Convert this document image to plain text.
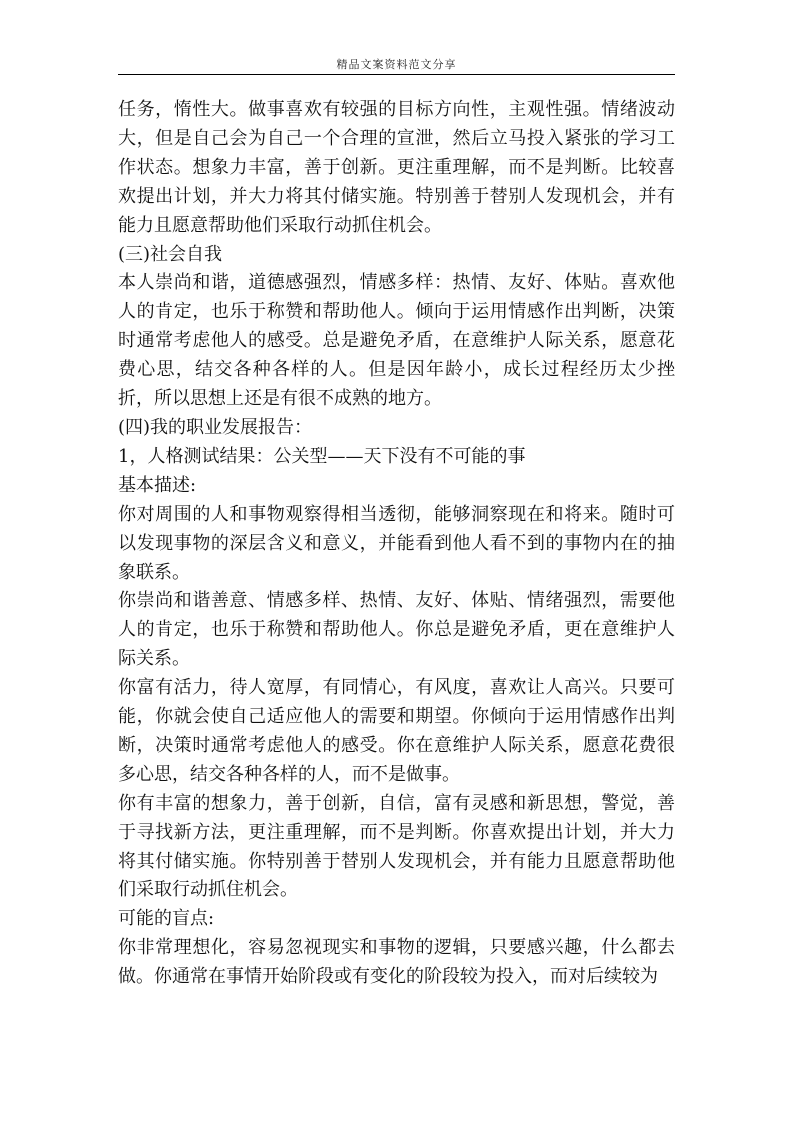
精品文案资料范文分享

任务，惰性大。做事喜欢有较强的目标方向性，主观性强。情绪波动大，但是自己会为自己一个合理的宣泄，然后立马投入紧张的学习工作状态。想象力丰富，善于创新。更注重理解，而不是判断。比较喜欢提出计划，并大力将其付储实施。特别善于替别人发现机会，并有能力且愿意帮助他们采取行动抓住机会。

(三)社会自我

本人崇尚和谐，道德感强烈，情感多样：热情、友好、体贴。喜欢他人的肯定，也乐于称赞和帮助他人。倾向于运用情感作出判断，决策时通常考虑他人的感受。总是避免矛盾，在意维护人际关系，愿意花费心思，结交各种各样的人。但是因年龄小，成长过程经历太少挫折，所以思想上还是有很不成熟的地方。

(四)我的职业发展报告：

1，人格测试结果：公关型——天下没有不可能的事

基本描述:

你对周围的人和事物观察得相当透彻，能够洞察现在和将来。随时可以发现事物的深层含义和意义，并能看到他人看不到的事物内在的抽象联系。

你崇尚和谐善意、情感多样、热情、友好、体贴、情绪强烈，需要他人的肯定，也乐于称赞和帮助他人。你总是避免矛盾，更在意维护人际关系。

你富有活力，待人宽厚，有同情心，有风度，喜欢让人高兴。只要可能，你就会使自己适应他人的需要和期望。你倾向于运用情感作出判断，决策时通常考虑他人的感受。你在意维护人际关系，愿意花费很多心思，结交各种各样的人，而不是做事。

你有丰富的想象力，善于创新，自信，富有灵感和新思想，警觉，善于寻找新方法，更注重理解，而不是判断。你喜欢提出计划，并大力将其付储实施。你特别善于替别人发现机会，并有能力且愿意帮助他们采取行动抓住机会。

可能的盲点:

你非常理想化，容易忽视现实和事物的逻辑，只要感兴趣，什么都去做。你通常在事情开始阶段或有变化的阶段较为投入，而对后续较为
